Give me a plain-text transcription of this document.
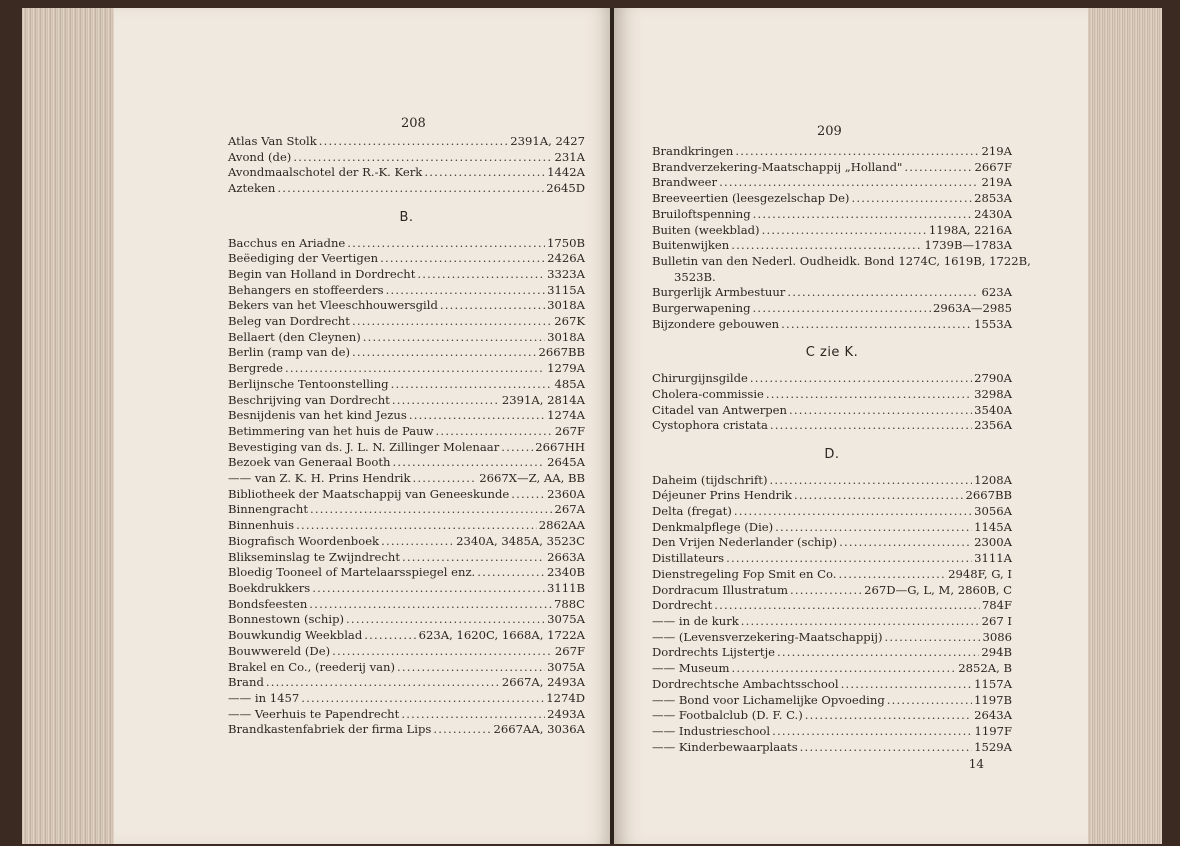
208
Atlas Van Stolk .....	2391A, 2427
Avond (de) .....	231A
Avondmaalschotel der R.-K. Kerk .....	1442A
Azteken .....	2645D
B.
Bacchus en Ariadne .....	1750B
Beëediging der Veertigen .....	2426A
Begin van Holland in Dordrecht .....	3323A
Behangers en stoffeerders .....	3115A
Bekers van het Vleeschhouwersgild .....	3018A
Beleg van Dordrecht .....	267K
Bellaert (den Cleynen) .....	3018A
Berlin (ramp van de) .....	2667BB
Bergrede .....	1279A
Berlijnsche Tentoonstelling .....	485A
Beschrijving van Dordrecht .....	2391A, 2814A
Besnijdenis van het kind Jezus .....	1274A
Betimmering van het huis de Pauw .....	267F
Bevestiging van ds. J. L. N. Zillinger Molenaar .....	2667HH
Bezoek van Generaal Booth .....	2645A
—— van Z. K. H. Prins Hendrik .....	2667X—Z, AA, BB
Bibliotheek der Maatschappij van Geneeskunde .....	2360A
Binnengracht .....	267A
Binnenhuis .....	2862AA
Biografisch Woordenboek .....	2340A, 3485A, 3523C
Blikseminslag te Zwijndrecht .....	2663A
Bloedig Tooneel of Martelaarsspiegel enz. .....	2340B
Boekdrukkers .....	3111B
Bondsfeesten .....	788C
Bonnestown (schip) .....	3075A
Bouwkundig Weekblad .....	623A, 1620C, 1668A, 1722A
Bouwwereld (De) .....	267F
Brakel en Co., (reederij van) .....	3075A
Brand .....	2667A, 2493A
—— in 1457 .....	1274D
—— Veerhuis te Papendrecht .....	2493A
Brandkastenfabriek der firma Lips .....	2667AA, 3036A
209
Brandkringen .....	219A
Brandverzekering-Maatschappij „Holland" .....	2667F
Brandweer .....	219A
Breeveertien (leesgezelschap De) .....	2853A
Bruiloftspenning .....	2430A
Buiten (weekblad) .....	1198A, 2216A
Buitenwijken .....	1739B—1783A
Bulletin van den Nederl. Oudheidk. Bond 1274C, 1619B, 1722B,
3523B.
Burgerlijk Armbestuur .....	623A
Burgerwapening .....	2963A—2985
Bijzondere gebouwen .....	1553A
C zie K.
Chirurgijnsgilde .....	2790A
Cholera-commissie .....	3298A
Citadel van Antwerpen .....	3540A
Cystophora cristata .....	2356A
D.
Daheim (tijdschrift) .....	1208A
Déjeuner Prins Hendrik .....	2667BB
Delta (fregat) .....	3056A
Denkmalpflege (Die) .....	1145A
Den Vrijen Nederlander (schip) .....	2300A
Distillateurs .....	3111A
Dienstregeling Fop Smit en Co. .....	2948F, G, I
Dordracum Illustratum .....	267D—G, L, M, 2860B, C
Dordrecht .....	784F
—— in de kurk .....	267 I
—— (Levensverzekering-Maatschappij) .....	3086
Dordrechts Lijstertje .....	294B
—— Museum .....	2852A, B
Dordrechtsche Ambachtsschool .....	1157A
—— Bond voor Lichamelijke Opvoeding .....	1197B
—— Footbalclub (D. F. C.) .....	2643A
—— Industrieschool .....	1197F
—— Kinderbewaarplaats .....	1529A
14
